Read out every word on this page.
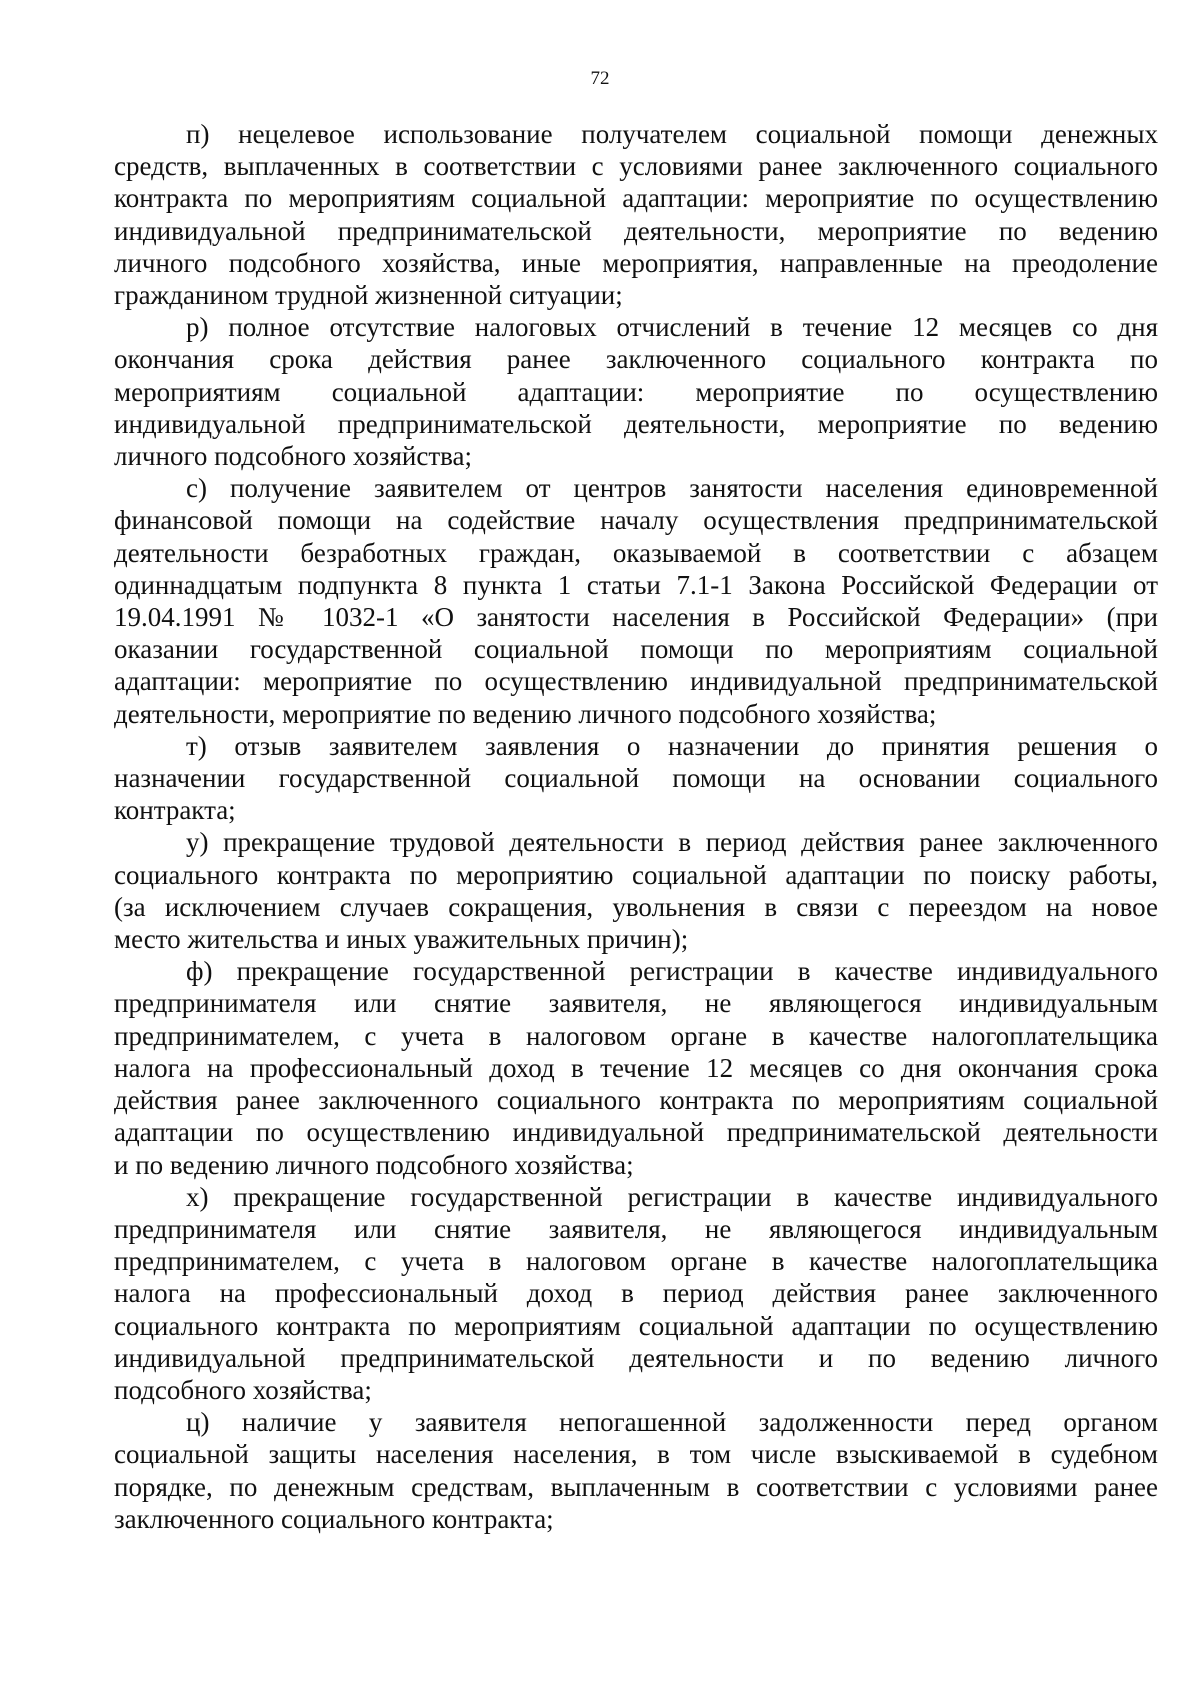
72

п) нецелевое использование получателем социальной помощи денежных
средств, выплаченных в соответствии с условиями ранее заключенного социального
контракта по мероприятиям социальной адаптации: мероприятие по осуществлению
индивидуальной предпринимательской деятельности, мероприятие по ведению
личного подсобного хозяйства, иные мероприятия, направленные на преодоление
гражданином трудной жизненной ситуации;

р) полное отсутствие налоговых отчислений в течение 12 месяцев со дня
окончания срока действия ранее заключенного социального контракта по
мероприятиям социальной адаптации: мероприятие по осуществлению
индивидуальной предпринимательской деятельности, мероприятие по ведению
личного подсобного хозяйства;

с) получение заявителем от центров занятости населения единовременной
финансовой помощи на содействие началу осуществления предпринимательской
деятельности безработных граждан, оказываемой в соответствии с абзацем
одиннадцатым подпункта 8 пункта 1 статьи 7.1-1 Закона Российской Федерации от
19.04.1991 № 1032-1 «О занятости населения в Российской Федерации» (при
оказании государственной социальной помощи по мероприятиям социальной
адаптации: мероприятие по осуществлению индивидуальной предпринимательской
деятельности, мероприятие по ведению личного подсобного хозяйства;

т) отзыв заявителем заявления о назначении до принятия решения о
назначении государственной социальной помощи на основании социального
контракта;

у) прекращение трудовой деятельности в период действия ранее заключенного
социального контракта по мероприятию социальной адаптации по поиску работы,
(за исключением случаев сокращения, увольнения в связи с переездом на новое
место жительства и иных уважительных причин);

ф) прекращение государственной регистрации в качестве индивидуального
предпринимателя или снятие заявителя, не являющегося индивидуальным
предпринимателем, с учета в налоговом органе в качестве налогоплательщика
налога на профессиональный доход в течение 12 месяцев со дня окончания срока
действия ранее заключенного социального контракта по мероприятиям социальной
адаптации по осуществлению индивидуальной предпринимательской деятельности
и по ведению личного подсобного хозяйства;

х) прекращение государственной регистрации в качестве индивидуального
предпринимателя или снятие заявителя, не являющегося индивидуальным
предпринимателем, с учета в налоговом органе в качестве налогоплательщика
налога на профессиональный доход в период действия ранее заключенного
социального контракта по мероприятиям социальной адаптации по осуществлению
индивидуальной предпринимательской деятельности и по ведению личного
подсобного хозяйства;

ц) наличие у заявителя непогашенной задолженности перед органом
социальной защиты населения населения, в том числе взыскиваемой в судебном
порядке, по денежным средствам, выплаченным в соответствии с условиями ранее
заключенного социального контракта;
